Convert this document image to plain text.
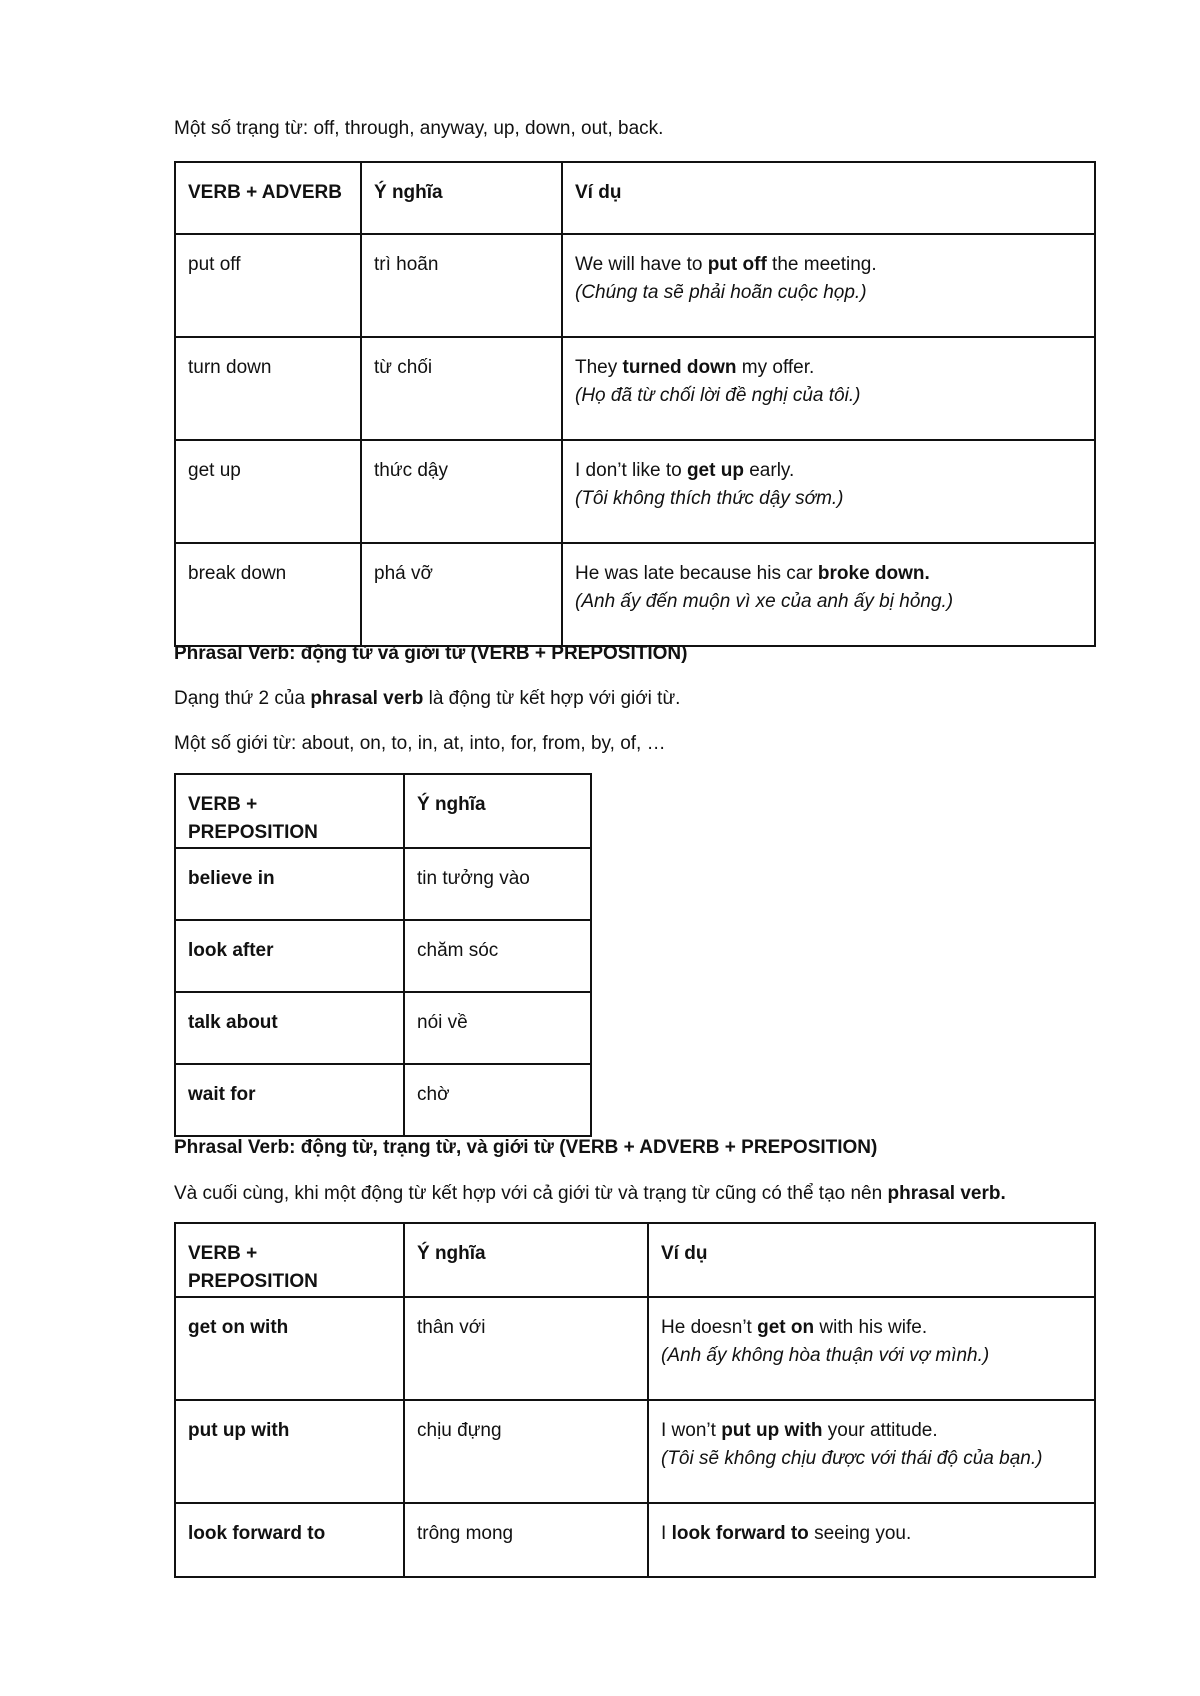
Một số trạng từ: off, through, anyway, up, down, out, back.

VERB + ADVERB	Ý nghĩa	Ví dụ
put off	trì hoãn	We will have to put off the meeting.
(Chúng ta sẽ phải hoãn cuộc họp.)

turn down	từ chối	They turned down my offer.
(Họ đã từ chối lời đề nghị của tôi.)

get up	thức dậy	I don’t like to get up early.
(Tôi không thích thức dậy sớm.)

break down	phá vỡ	He was late because his car broke down.
(Anh ấy đến muộn vì xe của anh ấy bị hỏng.)

Phrasal Verb: động từ và giới từ (VERB + PREPOSITION)

Dạng thứ 2 của phrasal verb là động từ kết hợp với giới từ.

Một số giới từ: about, on, to, in, at, into, for, from, by, of, …

VERB + PREPOSITION	Ý nghĩa
believe in	tin tưởng vào
look after	chăm sóc
talk about	nói về
wait for	chờ

Phrasal Verb: động từ, trạng từ, và giới từ (VERB + ADVERB + PREPOSITION)

Và cuối cùng, khi một động từ kết hợp với cả giới từ và trạng từ cũng có thể tạo nên phrasal verb.

VERB + PREPOSITION	Ý nghĩa	Ví dụ
get on with	thân với	He doesn’t get on with his wife.
(Anh ấy không hòa thuận với vợ mình.)

put up with	chịu đựng	I won’t put up with your attitude.
(Tôi sẽ không chịu được với thái độ của bạn.)

look forward to	trông mong	I look forward to seeing you.
